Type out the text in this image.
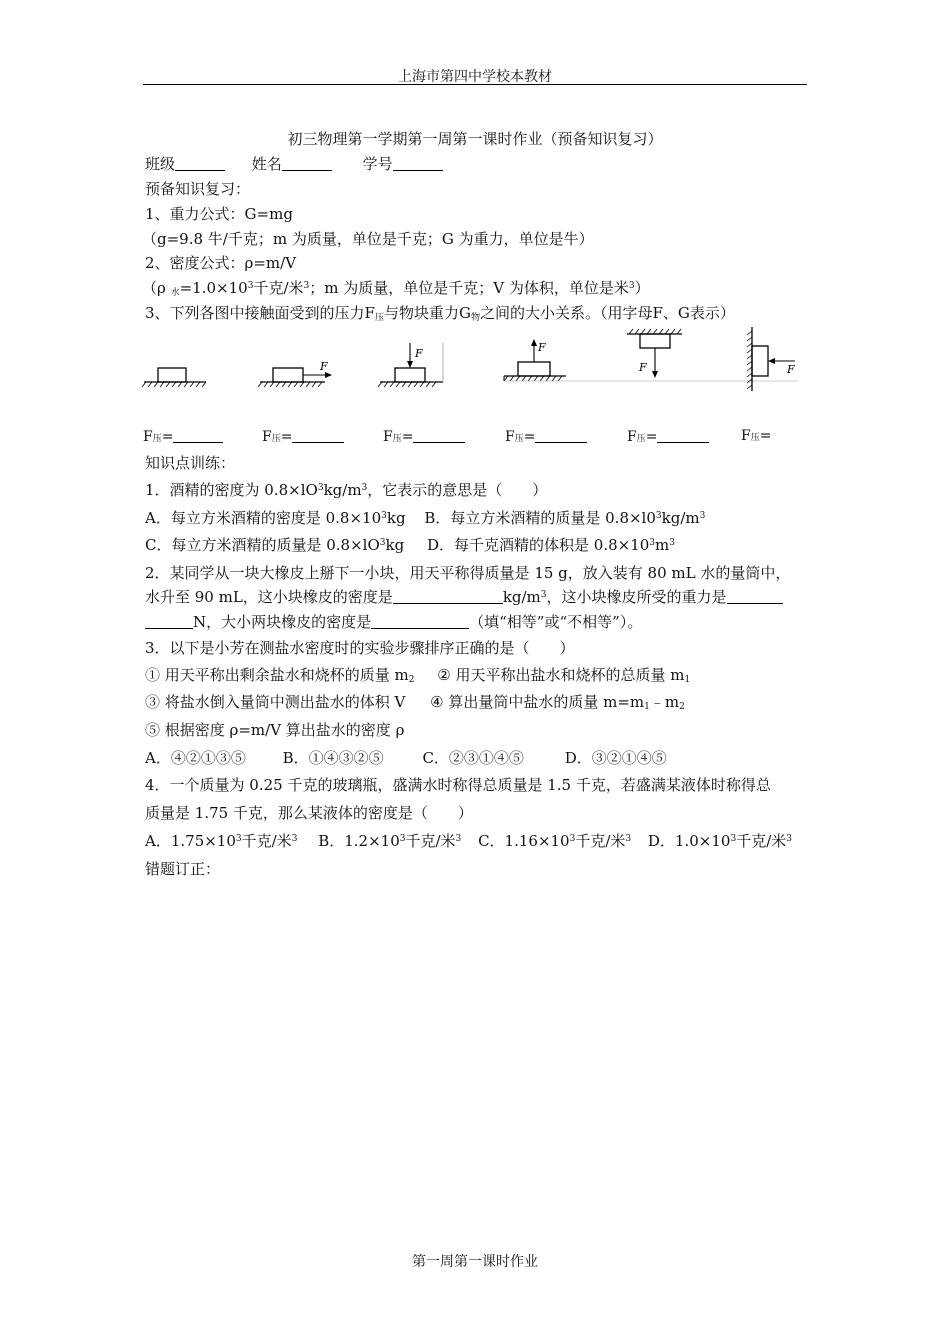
上海市第四中学校本教材
初三物理第一学期第一周第一课时作业（预备知识复习）
班级	姓名	学号
预备知识复习：
1、重力公式：G=mg
（g=9.8 牛/千克；m 为质量，单位是千克；G 为重力，单位是牛）
2、密度公式：ρ=m/V
（ρ $_水=1.0\times 10^3$千克/米$^3$；m 为质量，单位是千克；V 为体积，单位是米$^3$）
3、下列各图中接触面受到的压力$F_压$与物块重力$G_物$之间的大小关系。（用字母F、G表示）
F
F	F
F	F
F压=	F压=	F压=	F压=	F压=	F压=
知识点训练：
1．酒精的密度为 $0.8\times lO^3kg/m^3$，它表示的意思是（　　）
A．每立方米酒精的密度是 $0.8\times 10^3kg$ B．每立方米酒精的质量是 $0.8\times l0^3kg/m^3$
C．每立方米酒精的质量是 $0.8\times lO^3kg$ D．每千克酒精的体积是 $0.8\times 10^3m^3$
2．某同学从一块大橡皮上掰下一小块，用天平称得质量是 15 g，放入装有 80 mL 水的量筒中，
水升至 90 mL，这小块橡皮的密度是	$kg/m^3$，这小块橡皮所受的重力是
N，大小两块橡皮的密度是	（填“相等”或“不相等”）。
3．以下是小芳在测盐水密度时的实验步骤排序正确的是（　　）
① 用天平称出剩余盐水和烧杯的质量 $m_2$ ② 用天平称出盐水和烧杯的总质量 $m_1$
③ 将盐水倒入量筒中测出盐水的体积 V ④ 算出量筒中盐水的质量 $m=m_1﹣m_2$
⑤ 根据密度 ρ=m/V 算出盐水的密度 ρ
A．④②①③⑤ B．①④③②⑤	C．②③①④⑤	D．③②①④⑤
4．一个质量为 0.25 千克的玻璃瓶，盛满水时称得总质量是 1.5 千克，若盛满某液体时称得总
质量是 1.75 千克，那么某液体的密度是（　　）
A．$1.75\times 10^3$千克/米$^3$ B．$1.2\times 10^3$千克/米$^3$ C．$1.16\times 10^3$千克/米$^3$ D．$1.0\times 10^3$千克/米$^3$
错题订正：
第一周第一课时作业
